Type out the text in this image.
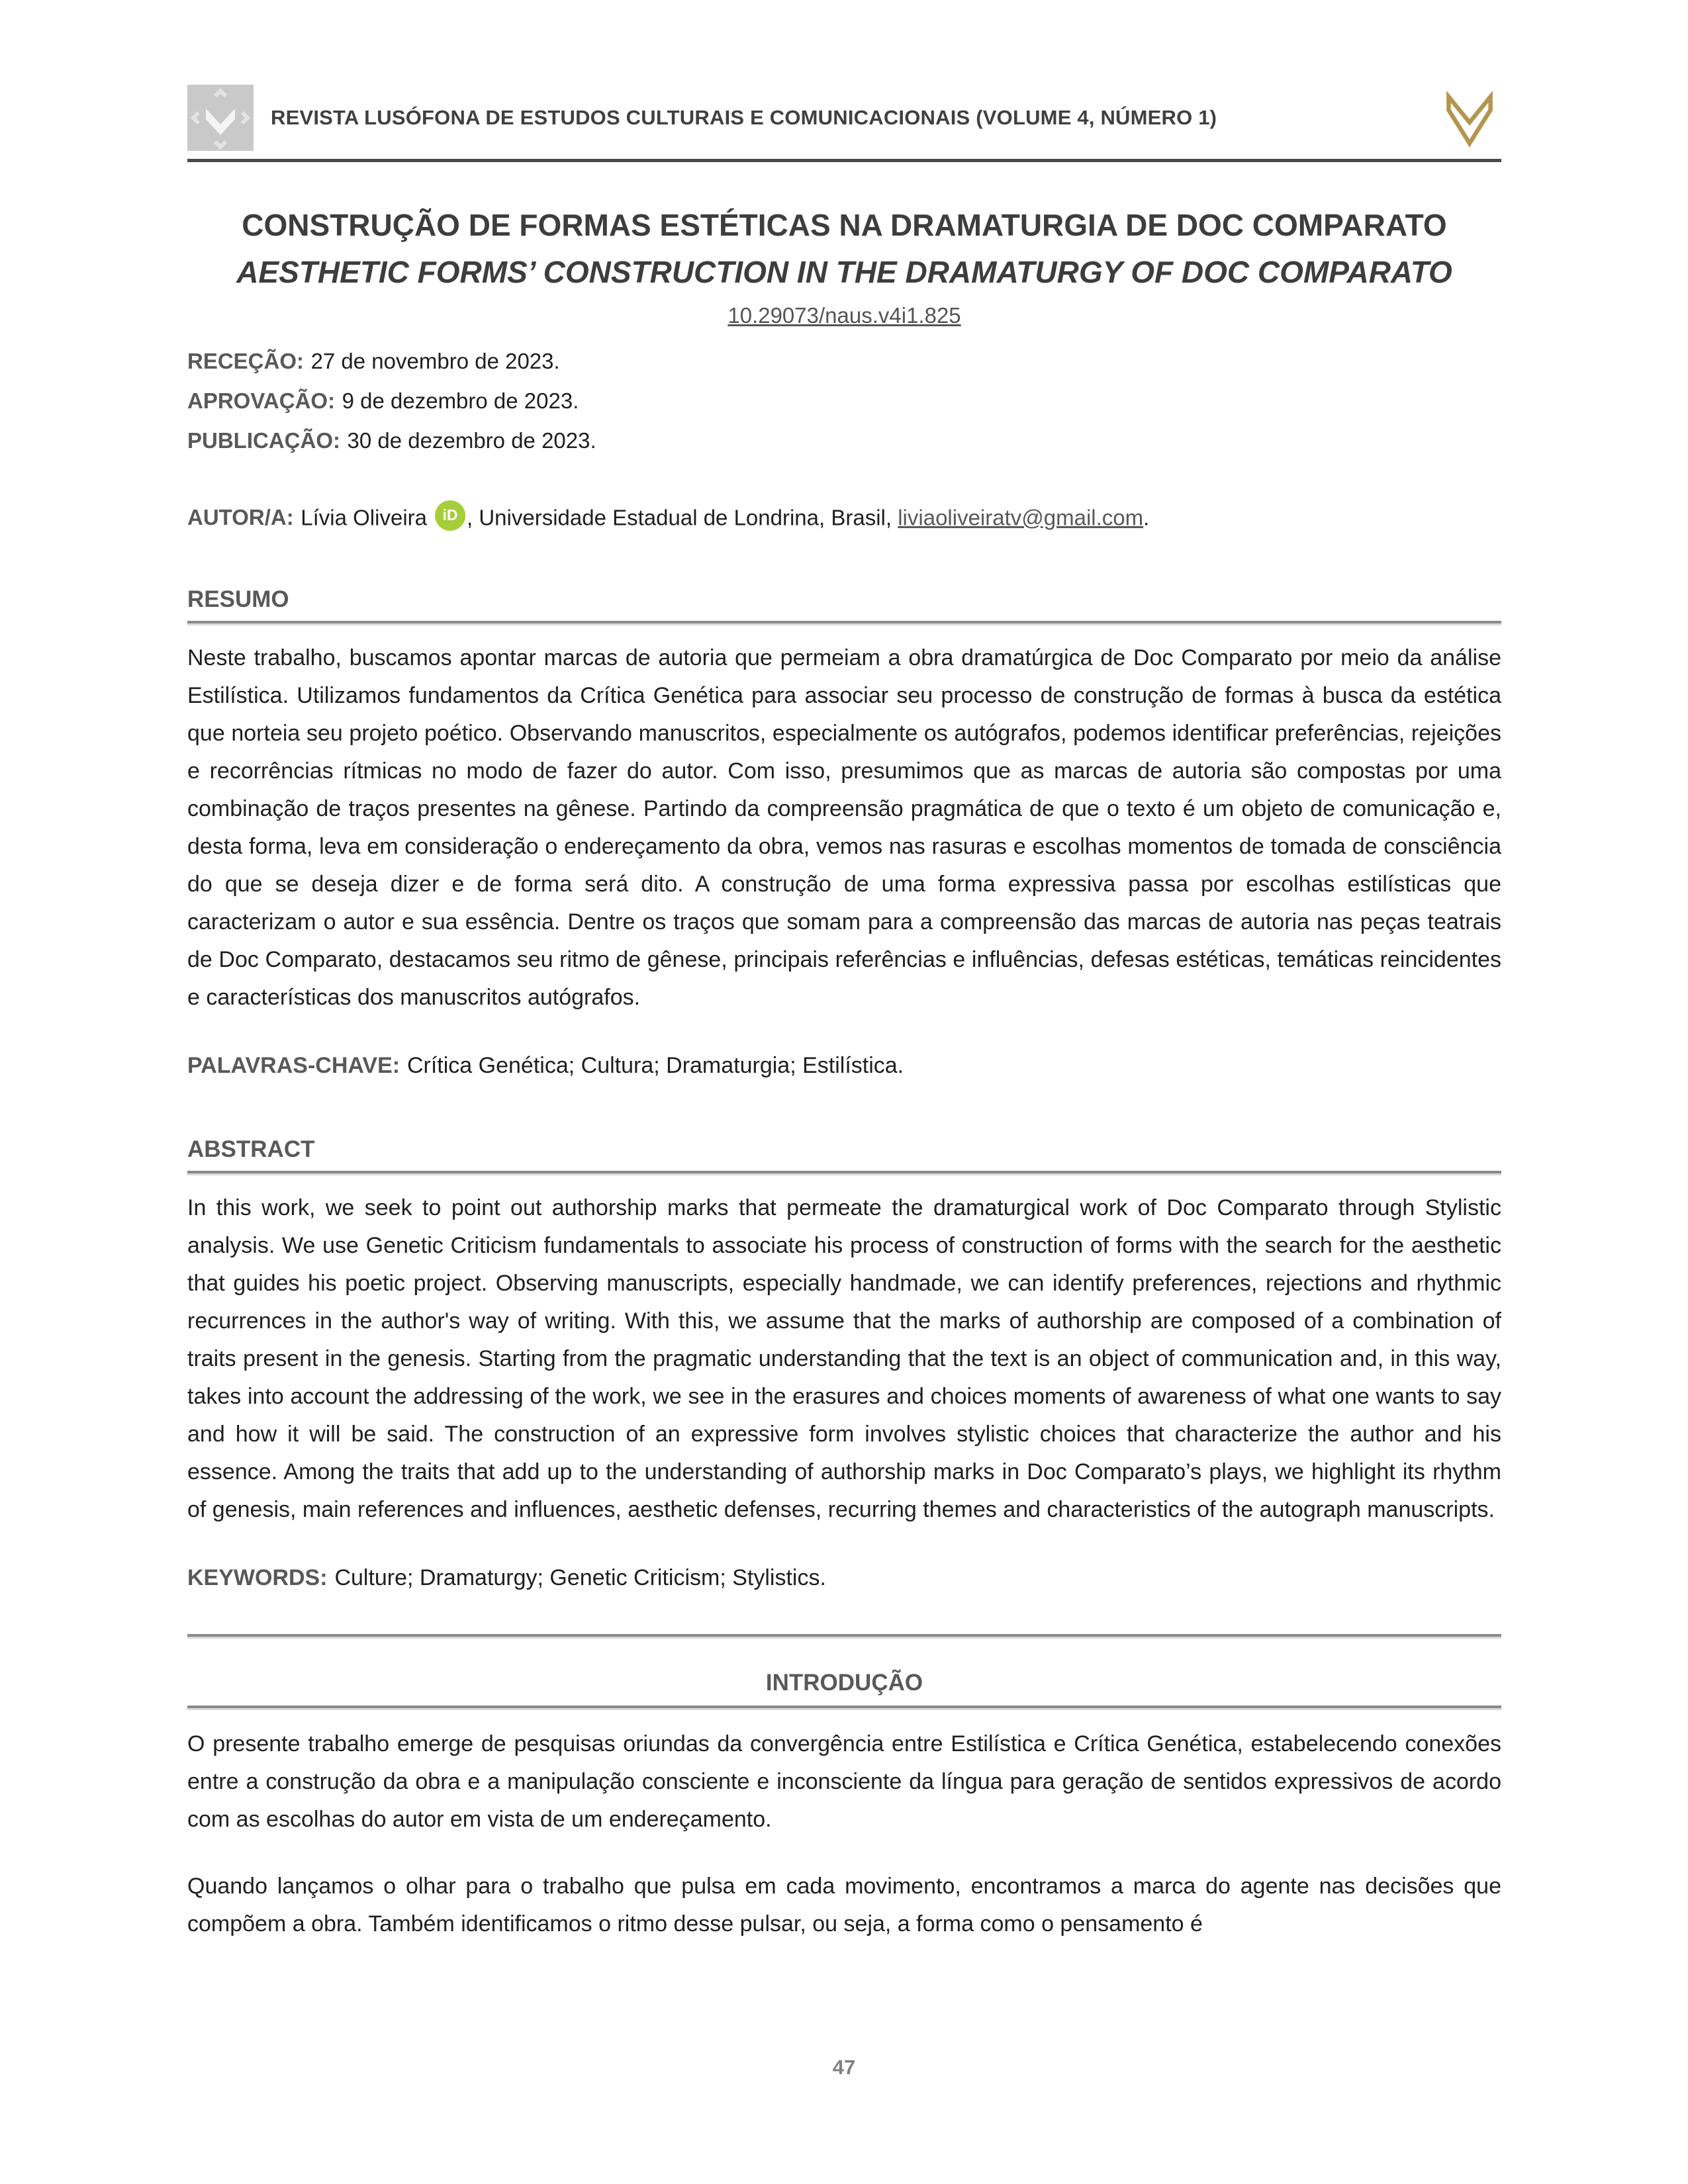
REVISTA LUSÓFONA DE ESTUDOS CULTURAIS E COMUNICACIONAIS (VOLUME 4, NÚMERO 1)
CONSTRUÇÃO DE FORMAS ESTÉTICAS NA DRAMATURGIA DE DOC COMPARATO
AESTHETIC FORMS’ CONSTRUCTION IN THE DRAMATURGY OF DOC COMPARATO
10.29073/naus.v4i1.825
RECEÇÃO: 27 de novembro de 2023.
APROVAÇÃO: 9 de dezembro de 2023.
PUBLICAÇÃO: 30 de dezembro de 2023.
AUTOR/A: Lívia Oliveira iD , Universidade Estadual de Londrina, Brasil, liviaoliveiratv@gmail.com.
RESUMO
Neste trabalho, buscamos apontar marcas de autoria que permeiam a obra dramatúrgica de Doc Comparato por meio da análise Estilística. Utilizamos fundamentos da Crítica Genética para associar seu processo de construção de formas à busca da estética que norteia seu projeto poético. Observando manuscritos, especialmente os autógrafos, podemos identificar preferências, rejeições e recorrências rítmicas no modo de fazer do autor. Com isso, presumimos que as marcas de autoria são compostas por uma combinação de traços presentes na gênese. Partindo da compreensão pragmática de que o texto é um objeto de comunicação e, desta forma, leva em consideração o endereçamento da obra, vemos nas rasuras e escolhas momentos de tomada de consciência do que se deseja dizer e de forma será dito. A construção de uma forma expressiva passa por escolhas estilísticas que caracterizam o autor e sua essência. Dentre os traços que somam para a compreensão das marcas de autoria nas peças teatrais de Doc Comparato, destacamos seu ritmo de gênese, principais referências e influências, defesas estéticas, temáticas reincidentes e características dos manuscritos autógrafos.
PALAVRAS-CHAVE: Crítica Genética; Cultura; Dramaturgia; Estilística.
ABSTRACT
In this work, we seek to point out authorship marks that permeate the dramaturgical work of Doc Comparato through Stylistic analysis. We use Genetic Criticism fundamentals to associate his process of construction of forms with the search for the aesthetic that guides his poetic project. Observing manuscripts, especially handmade, we can identify preferences, rejections and rhythmic recurrences in the author's way of writing. With this, we assume that the marks of authorship are composed of a combination of traits present in the genesis. Starting from the pragmatic understanding that the text is an object of communication and, in this way, takes into account the addressing of the work, we see in the erasures and choices moments of awareness of what one wants to say and how it will be said. The construction of an expressive form involves stylistic choices that characterize the author and his essence. Among the traits that add up to the understanding of authorship marks in Doc Comparato’s plays, we highlight its rhythm of genesis, main references and influences, aesthetic defenses, recurring themes and characteristics of the autograph manuscripts.
KEYWORDS: Culture; Dramaturgy; Genetic Criticism; Stylistics.
INTRODUÇÃO
O presente trabalho emerge de pesquisas oriundas da convergência entre Estilística e Crítica Genética, estabelecendo conexões entre a construção da obra e a manipulação consciente e inconsciente da língua para geração de sentidos expressivos de acordo com as escolhas do autor em vista de um endereçamento.
Quando lançamos o olhar para o trabalho que pulsa em cada movimento, encontramos a marca do agente nas decisões que compõem a obra. Também identificamos o ritmo desse pulsar, ou seja, a forma como o pensamento é
47
